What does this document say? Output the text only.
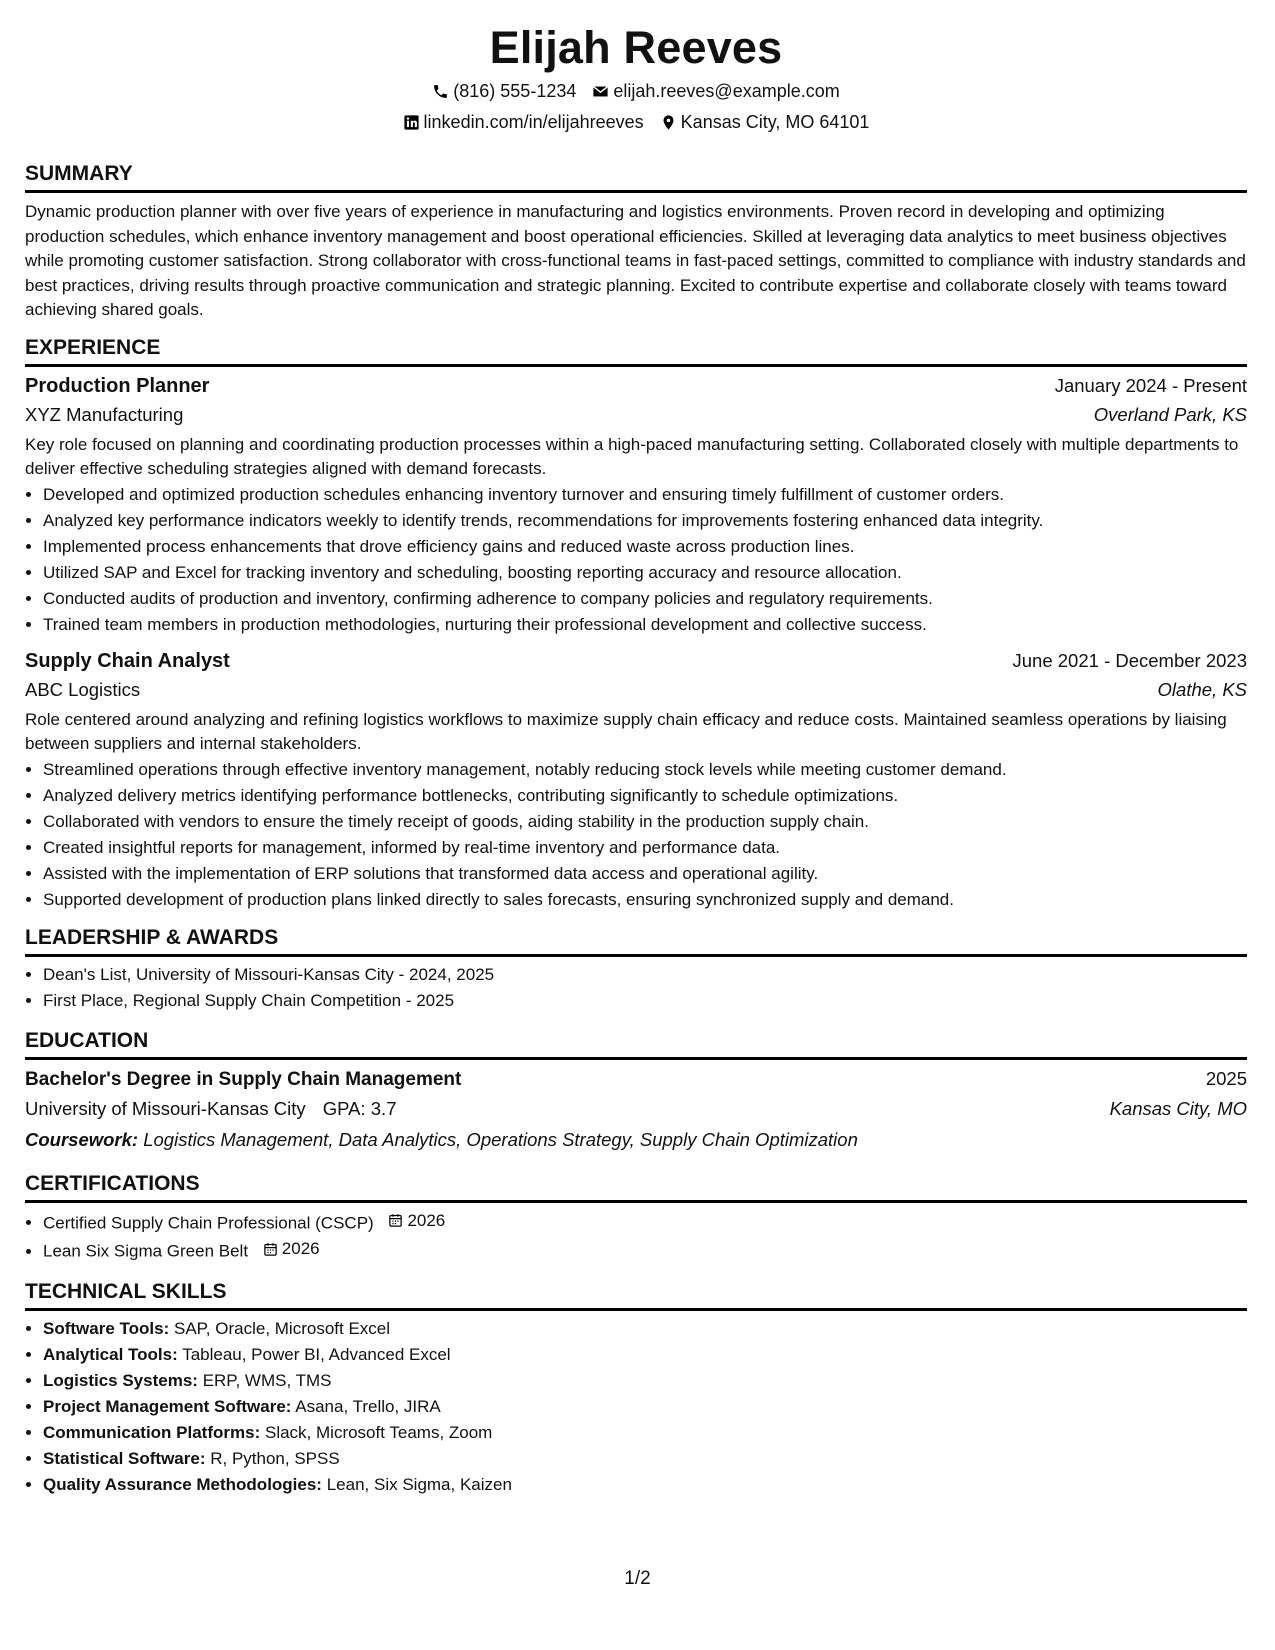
Elijah Reeves
(816) 555-1234 elijah.reeves@example.com
linkedin.com/in/elijahreeves Kansas City, MO 64101
SUMMARY

Dynamic production planner with over five years of experience in manufacturing and logistics environments. Proven record in developing and optimizing production schedules, which enhance inventory management and boost operational efficiencies. Skilled at leveraging data analytics to meet business objectives while promoting customer satisfaction. Strong collaborator with cross-functional teams in fast-paced settings, committed to compliance with industry standards and best practices, driving results through proactive communication and strategic planning. Excited to contribute expertise and collaborate closely with teams toward achieving shared goals.

EXPERIENCE
Production Planner	January 2024 - Present
XYZ Manufacturing	Overland Park, KS

Key role focused on planning and coordinating production processes within a high-paced manufacturing setting. Collaborated closely with multiple departments to deliver effective scheduling strategies aligned with demand forecasts.

• Developed and optimized production schedules enhancing inventory turnover and ensuring timely fulfillment of customer orders.
• Analyzed key performance indicators weekly to identify trends, recommendations for improvements fostering enhanced data integrity.
• Implemented process enhancements that drove efficiency gains and reduced waste across production lines.
• Utilized SAP and Excel for tracking inventory and scheduling, boosting reporting accuracy and resource allocation.
• Conducted audits of production and inventory, confirming adherence to company policies and regulatory requirements.
• Trained team members in production methodologies, nurturing their professional development and collective success.
Supply Chain Analyst	June 2021 - December 2023
ABC Logistics	Olathe, KS

Role centered around analyzing and refining logistics workflows to maximize supply chain efficacy and reduce costs. Maintained seamless operations by liaising between suppliers and internal stakeholders.

• Streamlined operations through effective inventory management, notably reducing stock levels while meeting customer demand.
• Analyzed delivery metrics identifying performance bottlenecks, contributing significantly to schedule optimizations.
• Collaborated with vendors to ensure the timely receipt of goods, aiding stability in the production supply chain.
• Created insightful reports for management, informed by real-time inventory and performance data.
• Assisted with the implementation of ERP solutions that transformed data access and operational agility.
• Supported development of production plans linked directly to sales forecasts, ensuring synchronized supply and demand.
LEADERSHIP & AWARDS
• Dean's List, University of Missouri-Kansas City - 2024, 2025
• First Place, Regional Supply Chain Competition - 2025
EDUCATION
Bachelor's Degree in Supply Chain Management	2025
University of Missouri-Kansas City GPA: 3.7	Kansas City, MO
Coursework: Logistics Management, Data Analytics, Operations Strategy, Supply Chain Optimization
CERTIFICATIONS
• Certified Supply Chain Professional (CSCP) 2026
• Lean Six Sigma Green Belt 2026
TECHNICAL SKILLS
• Software Tools: SAP, Oracle, Microsoft Excel
• Analytical Tools: Tableau, Power BI, Advanced Excel
• Logistics Systems: ERP, WMS, TMS
• Project Management Software: Asana, Trello, JIRA
• Communication Platforms: Slack, Microsoft Teams, Zoom
• Statistical Software: R, Python, SPSS
• Quality Assurance Methodologies: Lean, Six Sigma, Kaizen
1/2
